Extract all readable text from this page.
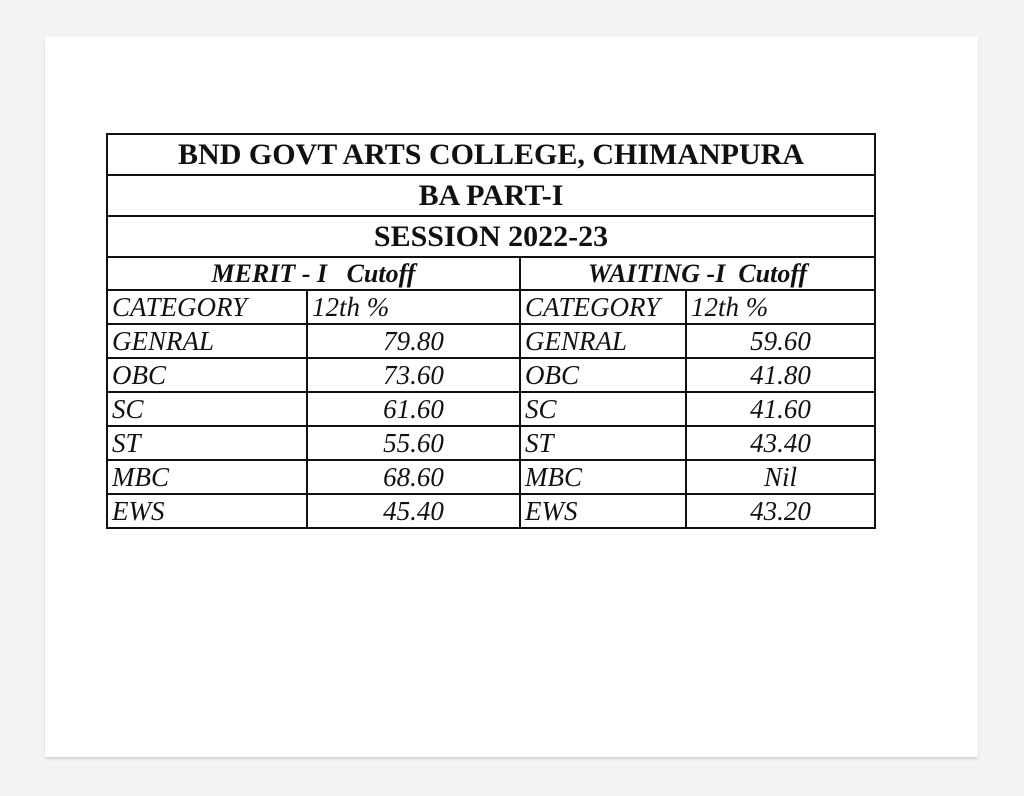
BND GOVT ARTS COLLEGE, CHIMANPURA			
BA PART-I			
SESSION 2022-23			
MERIT - I   Cutoff		WAITING -I  Cutoff	
CATEGORY	12th %	CATEGORY	12th %
GENRAL	79.80	GENRAL	59.60
OBC	73.60	OBC	41.80
SC	61.60	SC	41.60
ST	55.60	ST	43.40
MBC	68.60	MBC	Nil
EWS	45.40	EWS	43.20
